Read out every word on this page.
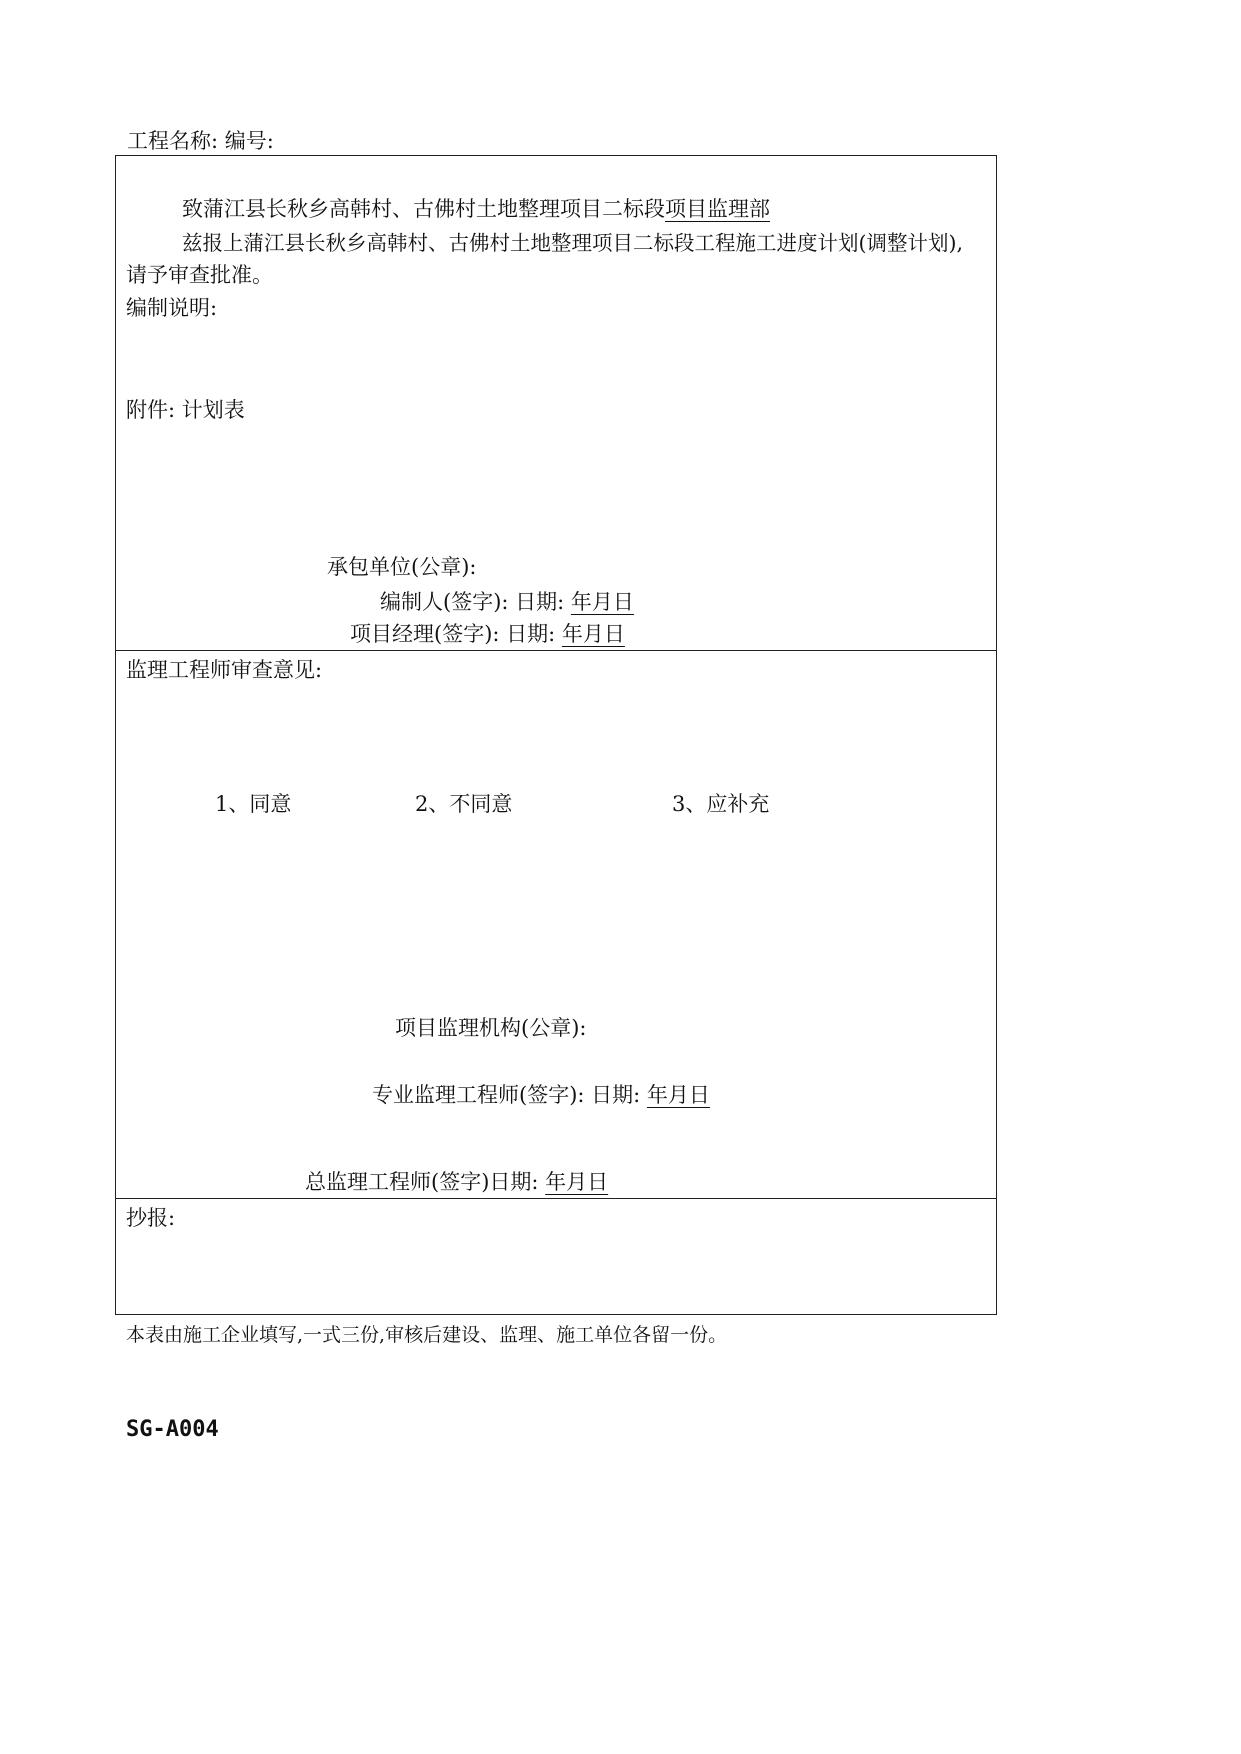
工程名称: 编号:
致蒲江县长秋乡高韩村、古佛村土地整理项目二标段项目监理部
兹报上蒲江县长秋乡高韩村、古佛村土地整理项目二标段工程施工进度计划(调整计划),
请予审查批准。
编制说明:
附件: 计划表
承包单位(公章):
编制人(签字): 日期: 年月日
项目经理(签字): 日期: 年月日
监理工程师审查意见:
1、同意	2、不同意	3、应补充
项目监理机构(公章):
专业监理工程师(签字): 日期: 年月日
总监理工程师(签字)日期: 年月日
抄报:
本表由施工企业填写,一式三份,审核后建设、监理、施工单位各留一份。
SG-A004
